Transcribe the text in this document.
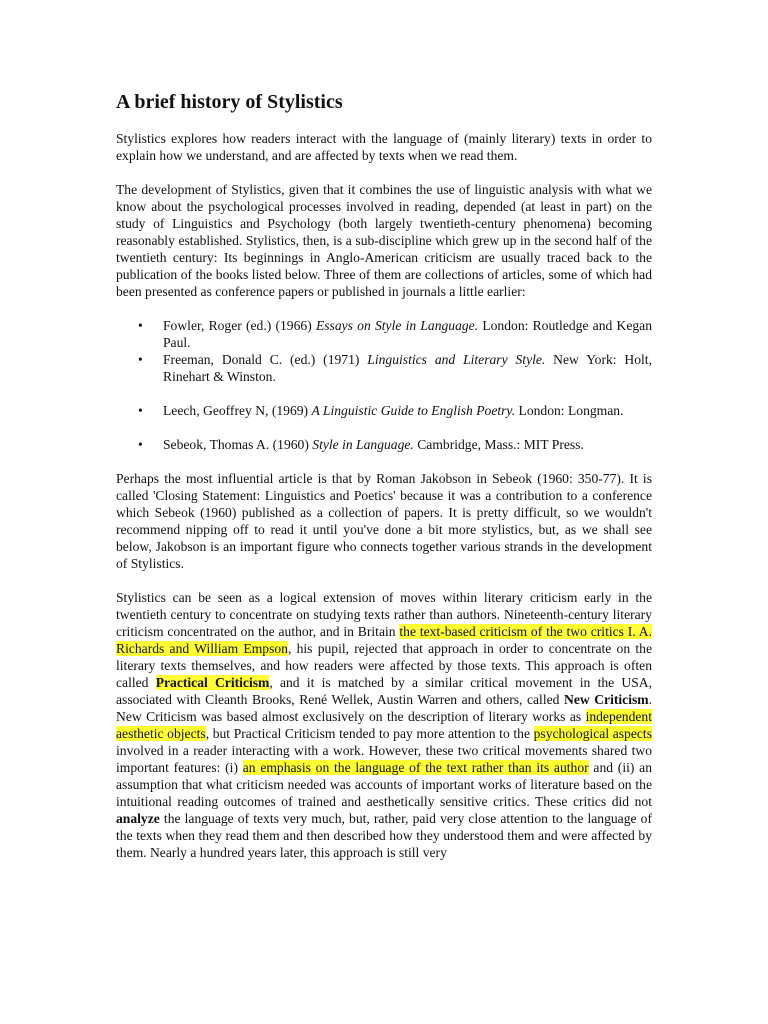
A brief history of Stylistics

Stylistics explores how readers interact with the language of (mainly literary) texts in order to explain how we understand, and are affected by texts when we read them.

The development of Stylistics, given that it combines the use of linguistic analysis with what we know about the psychological processes involved in reading, depended (at least in part) on the study of Linguistics and Psychology (both largely twentieth-century phenomena) becoming reasonably established. Stylistics, then, is a sub-discipline which grew up in the second half of the twentieth century: Its beginnings in Anglo-American criticism are usually traced back to the publication of the books listed below. Three of them are collections of articles, some of which had been presented as conference papers or published in journals a little earlier:

• Fowler, Roger (ed.) (1966) Essays on Style in Language. London: Routledge and Kegan Paul.
• Freeman, Donald C. (ed.) (1971) Linguistics and Literary Style. New York: Holt, Rinehart & Winston.
• Leech, Geoffrey N, (1969) A Linguistic Guide to English Poetry. London: Longman.
• Sebeok, Thomas A. (1960) Style in Language. Cambridge, Mass.: MIT Press.

Perhaps the most influential article is that by Roman Jakobson in Sebeok (1960: 350-77). It is called 'Closing Statement: Linguistics and Poetics' because it was a contribution to a conference which Sebeok (1960) published as a collection of papers. It is pretty difficult, so we wouldn't recommend nipping off to read it until you've done a bit more stylistics, but, as we shall see below, Jakobson is an important figure who connects together various strands in the development of Stylistics.

Stylistics can be seen as a logical extension of moves within literary criticism early in the twentieth century to concentrate on studying texts rather than authors. Nineteenth-century literary criticism concentrated on the author, and in Britain the text-based criticism of the two critics I. A. Richards and William Empson, his pupil, rejected that approach in order to concentrate on the literary texts themselves, and how readers were affected by those texts. This approach is often called Practical Criticism, and it is matched by a similar critical movement in the USA, associated with Cleanth Brooks, René Wellek, Austin Warren and others, called New Criticism. New Criticism was based almost exclusively on the description of literary works as independent aesthetic objects, but Practical Criticism tended to pay more attention to the psychological aspects involved in a reader interacting with a work. However, these two critical movements shared two important features: (i) an emphasis on the language of the text rather than its author and (ii) an assumption that what criticism needed was accounts of important works of literature based on the intuitional reading outcomes of trained and aesthetically sensitive critics. These critics did not analyze the language of texts very much, but, rather, paid very close attention to the language of the texts when they read them and then described how they understood them and were affected by them. Nearly a hundred years later, this approach is still very
